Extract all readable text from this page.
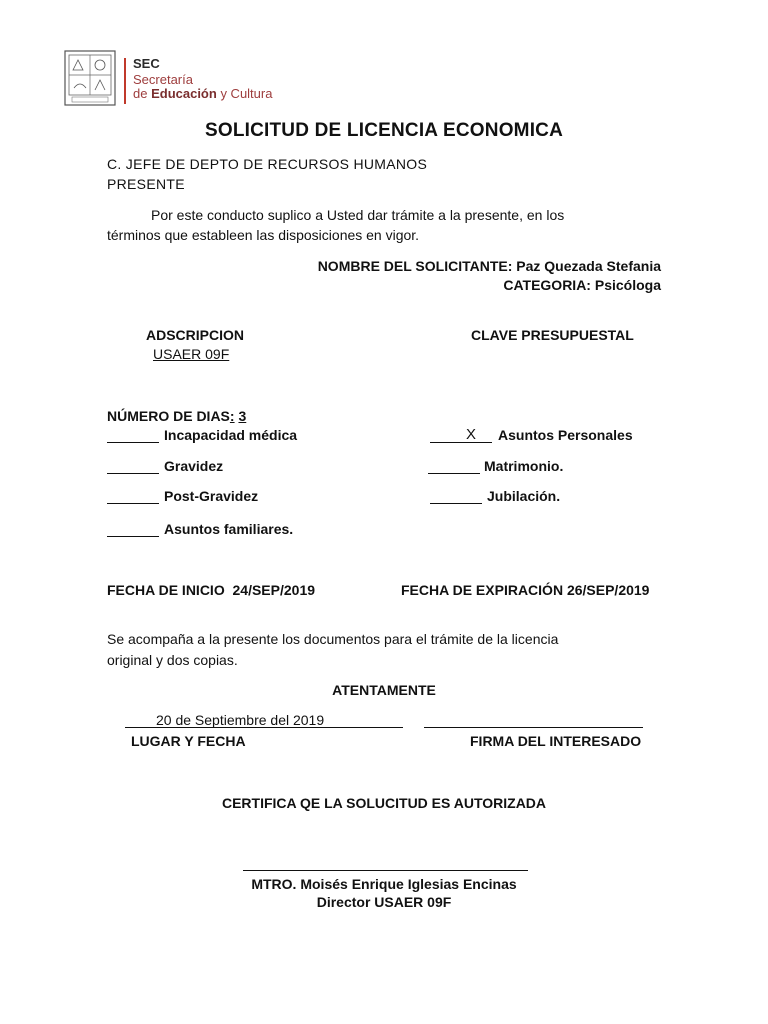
SEC
Secretaría
de Educación y Cultura
SOLICITUD DE LICENCIA ECONOMICA
C. JEFE DE DEPTO DE RECURSOS HUMANOS
PRESENTE
Por este conducto suplico a Usted dar trámite a la presente, en los
términos que estableen las disposiciones en vigor.
NOMBRE DEL SOLICITANTE: Paz Quezada Stefania
CATEGORIA: Psicóloga
ADSCRIPCION
USAER 09F
CLAVE PRESUPUESTAL
NÚMERO DE DIAS: 3
Incapacidad médica
Gravidez
Post-Gravidez
Asuntos familiares.
X Asuntos Personales
Matrimonio.
Jubilación.
FECHA DE INICIO 24/SEP/2019	FECHA DE EXPIRACIÓN 26/SEP/2019
Se acompaña a la presente los documentos para el trámite de la licencia
original y dos copias.
ATENTAMENTE
20 de Septiembre del 2019
LUGAR Y FECHA	FIRMA DEL INTERESADO
CERTIFICA QE LA SOLUCITUD ES AUTORIZADA
MTRO. Moisés Enrique Iglesias Encinas
Director USAER 09F
